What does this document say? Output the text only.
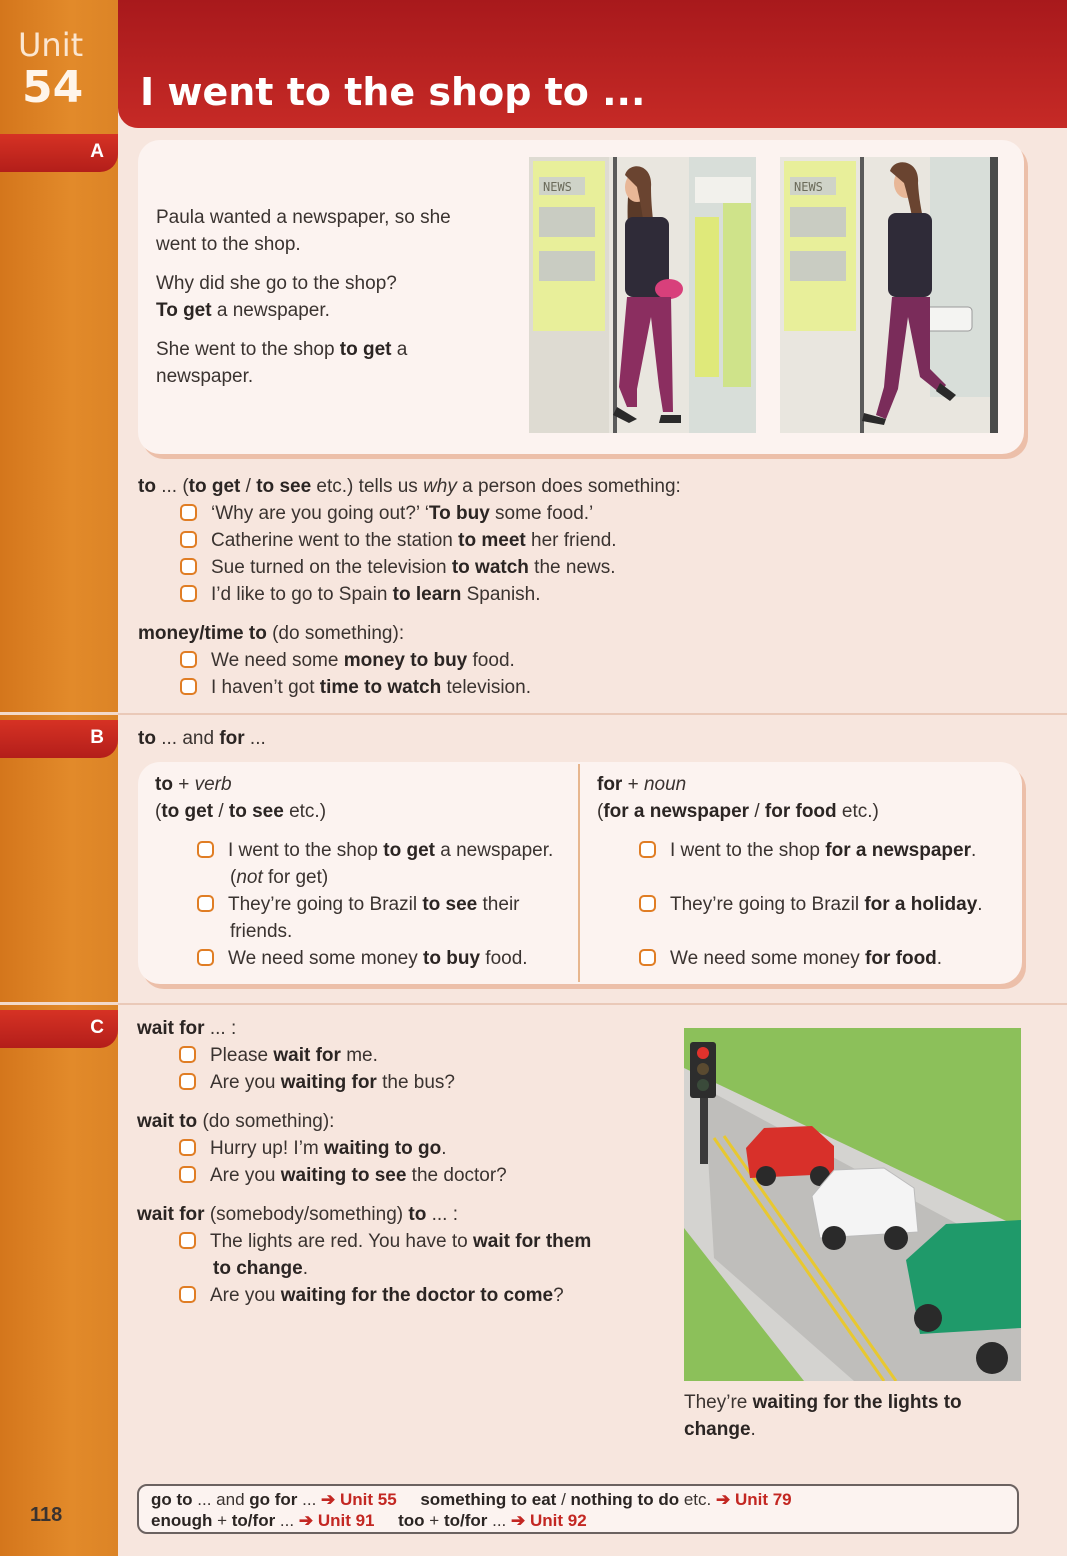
Unit
54 I went to the shop to ...
A
B
C
Paula wanted a newspaper, so she
went to the shop.
Why did she go to the shop?
To get a newspaper.
She went to the shop to get a
newspaper.
NEWS	NEWS
to ... (to get / to see etc.) tells us why a person does something:
‘Why are you going out?’ ‘To buy some food.’
Catherine went to the station to meet her friend.
Sue turned on the television to watch the news.
I’d like to go to Spain to learn Spanish.
money/time to (do something):
We need some money to buy food.
I haven’t got time to watch television.
to ... and for ...
to + verb
(to get / to see etc.)
I went to the shop to get a newspaper.
(not for get)
They’re going to Brazil to see their
friends.
We need some money to buy food.
for + noun
(for a newspaper / for food etc.)
I went to the shop for a newspaper.
They’re going to Brazil for a holiday.
We need some money for food.
wait for ... :
Please wait for me.
Are you waiting for the bus?
wait to (do something):
Hurry up! I’m waiting to go.
Are you waiting to see the doctor?
wait for (somebody/something) to ... :
The lights are red. You have to wait for them
to change.
Are you waiting for the doctor to come?
They’re waiting for the lights to
change.
go to ... and go for ... ➔ Unit 55 something to eat / nothing to do etc. ➔ Unit 79
enough + to/for ... ➔ Unit 91 too + to/for ... ➔ Unit 92
118
